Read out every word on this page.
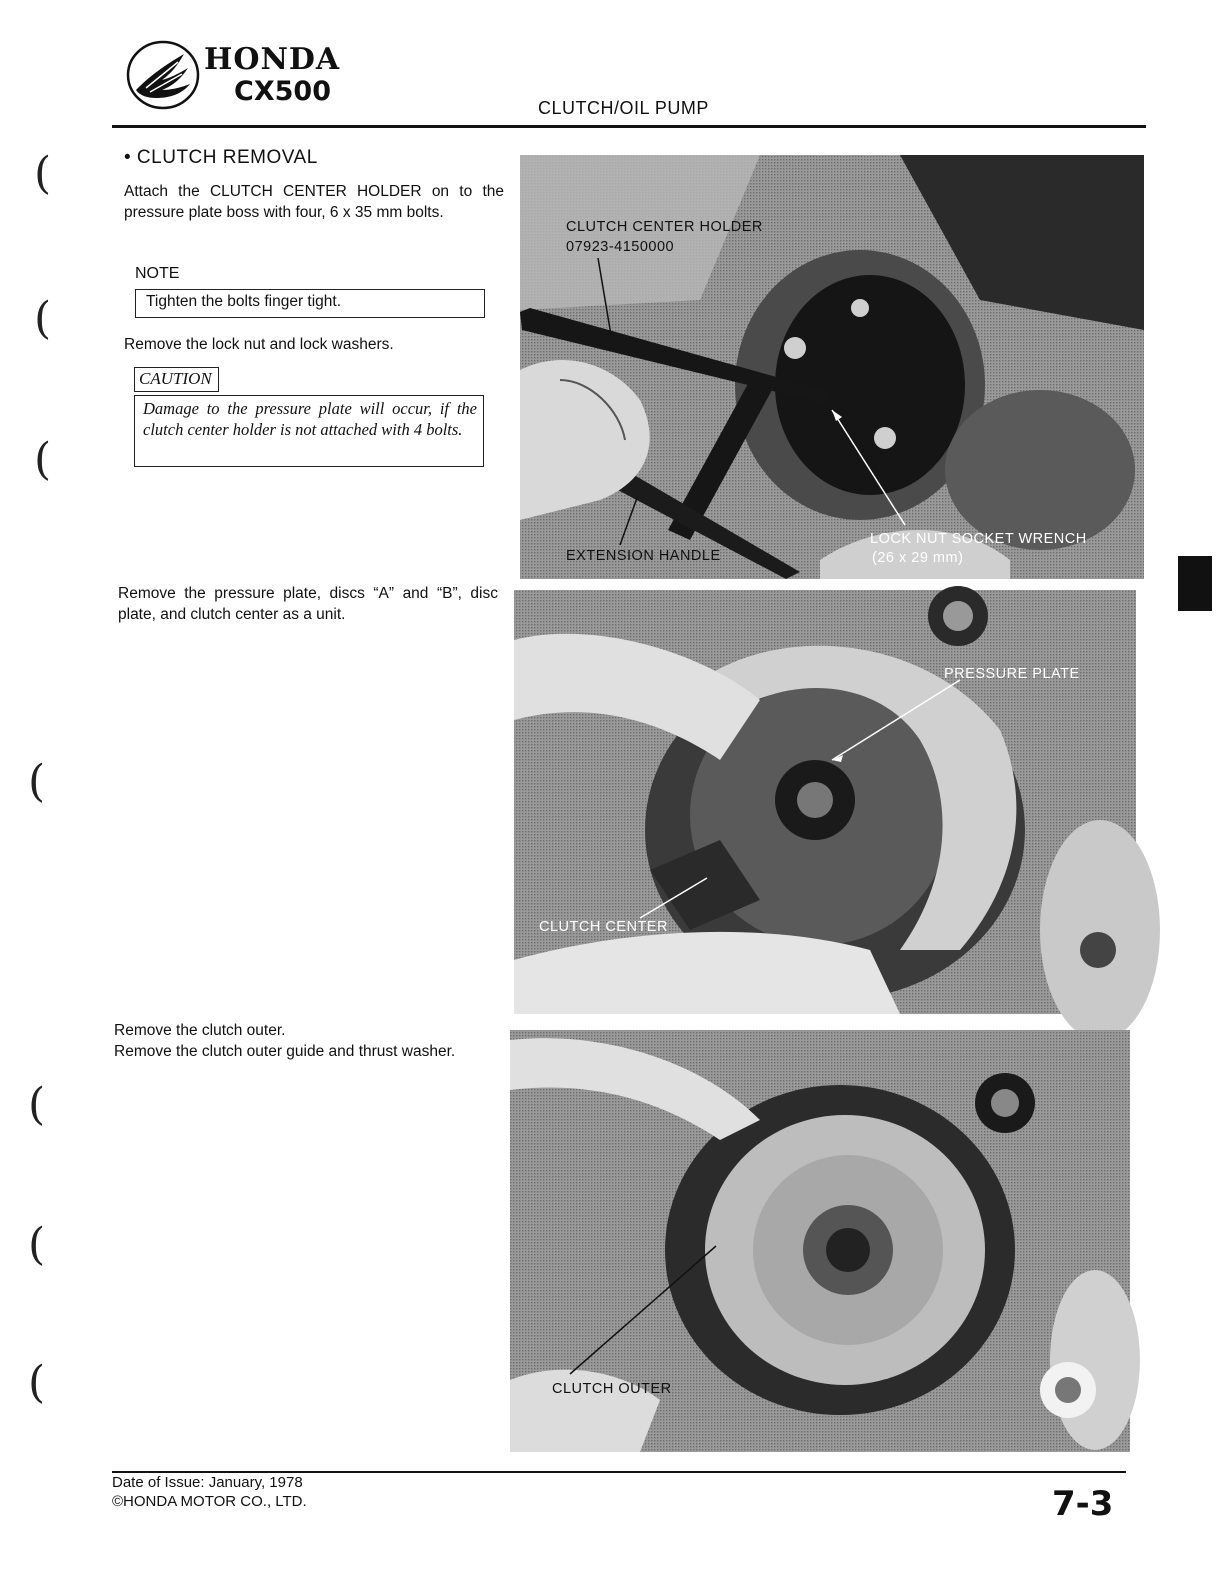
HONDA
CX500
CLUTCH/OIL PUMP
(
(
(
(
(
(
(
• CLUTCH REMOVAL
Attach the CLUTCH CENTER HOLDER on to the pressure plate boss with four, 6 x 35 mm bolts.
NOTE
Tighten the bolts finger tight.
Remove the lock nut and lock washers.
CAUTION
Damage to the pressure plate will occur, if the clutch center holder is not attached with 4 bolts.
Remove the pressure plate, discs “A” and “B”, disc plate, and clutch center as a unit.
Remove the clutch outer.
Remove the clutch outer guide and thrust washer.
CLUTCH CENTER HOLDER
07923-4150000
EXTENSION HANDLE
LOCK NUT SOCKET WRENCH
(26 x 29 mm)
PRESSURE PLATE
CLUTCH CENTER
CLUTCH OUTER
Date of Issue: January, 1978
©HONDA MOTOR CO., LTD.	7-3
